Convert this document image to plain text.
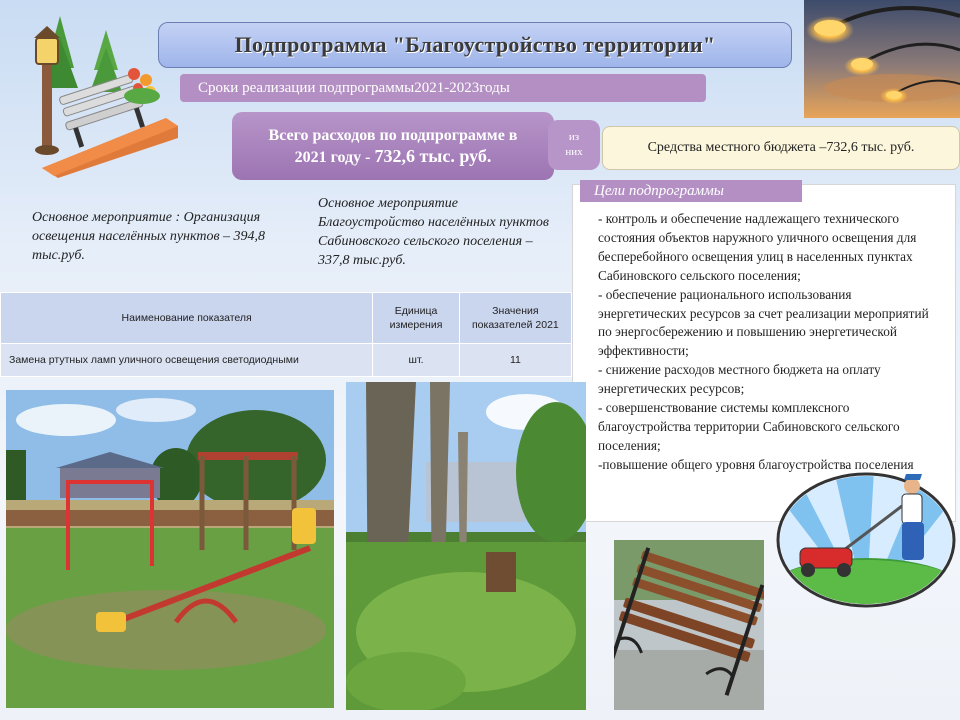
Подпрограмма "Благоустройство территории"
Сроки реализации подпрограммы2021-2023годы
Всего расходов по подпрограмме в
2021 году - 732,6 тыс. руб.
из
них	Средства местного бюджета –732,6 тыс. руб.
Основное мероприятие : Организация освещения населённых пунктов – 394,8 тыс.руб.
Основное мероприятие Благоустройство населённых пунктов Сабиновского сельского поселения – 337,8 тыс.руб.
Цели подпрограммы
- контроль и обеспечение надлежащего технического состояния объектов наружного уличного освещения для бесперебойного освещения улиц в населенных пунктах Сабиновского сельского поселения;
- обеспечение рационального использования энергетических ресурсов за счет реализации мероприятий по энергосбережению и повышению энергетической эффективности;
- снижение расходов местного бюджета на оплату энергетических ресурсов;
- совершенствование системы комплексного благоустройства территории Сабиновского сельского поселения;
-повышение общего уровня благоустройства поселения
Наименование показателя	Единица измерения	Значения показателей 2021
Замена ртутных ламп уличного освещения светодиодными	шт.	11
